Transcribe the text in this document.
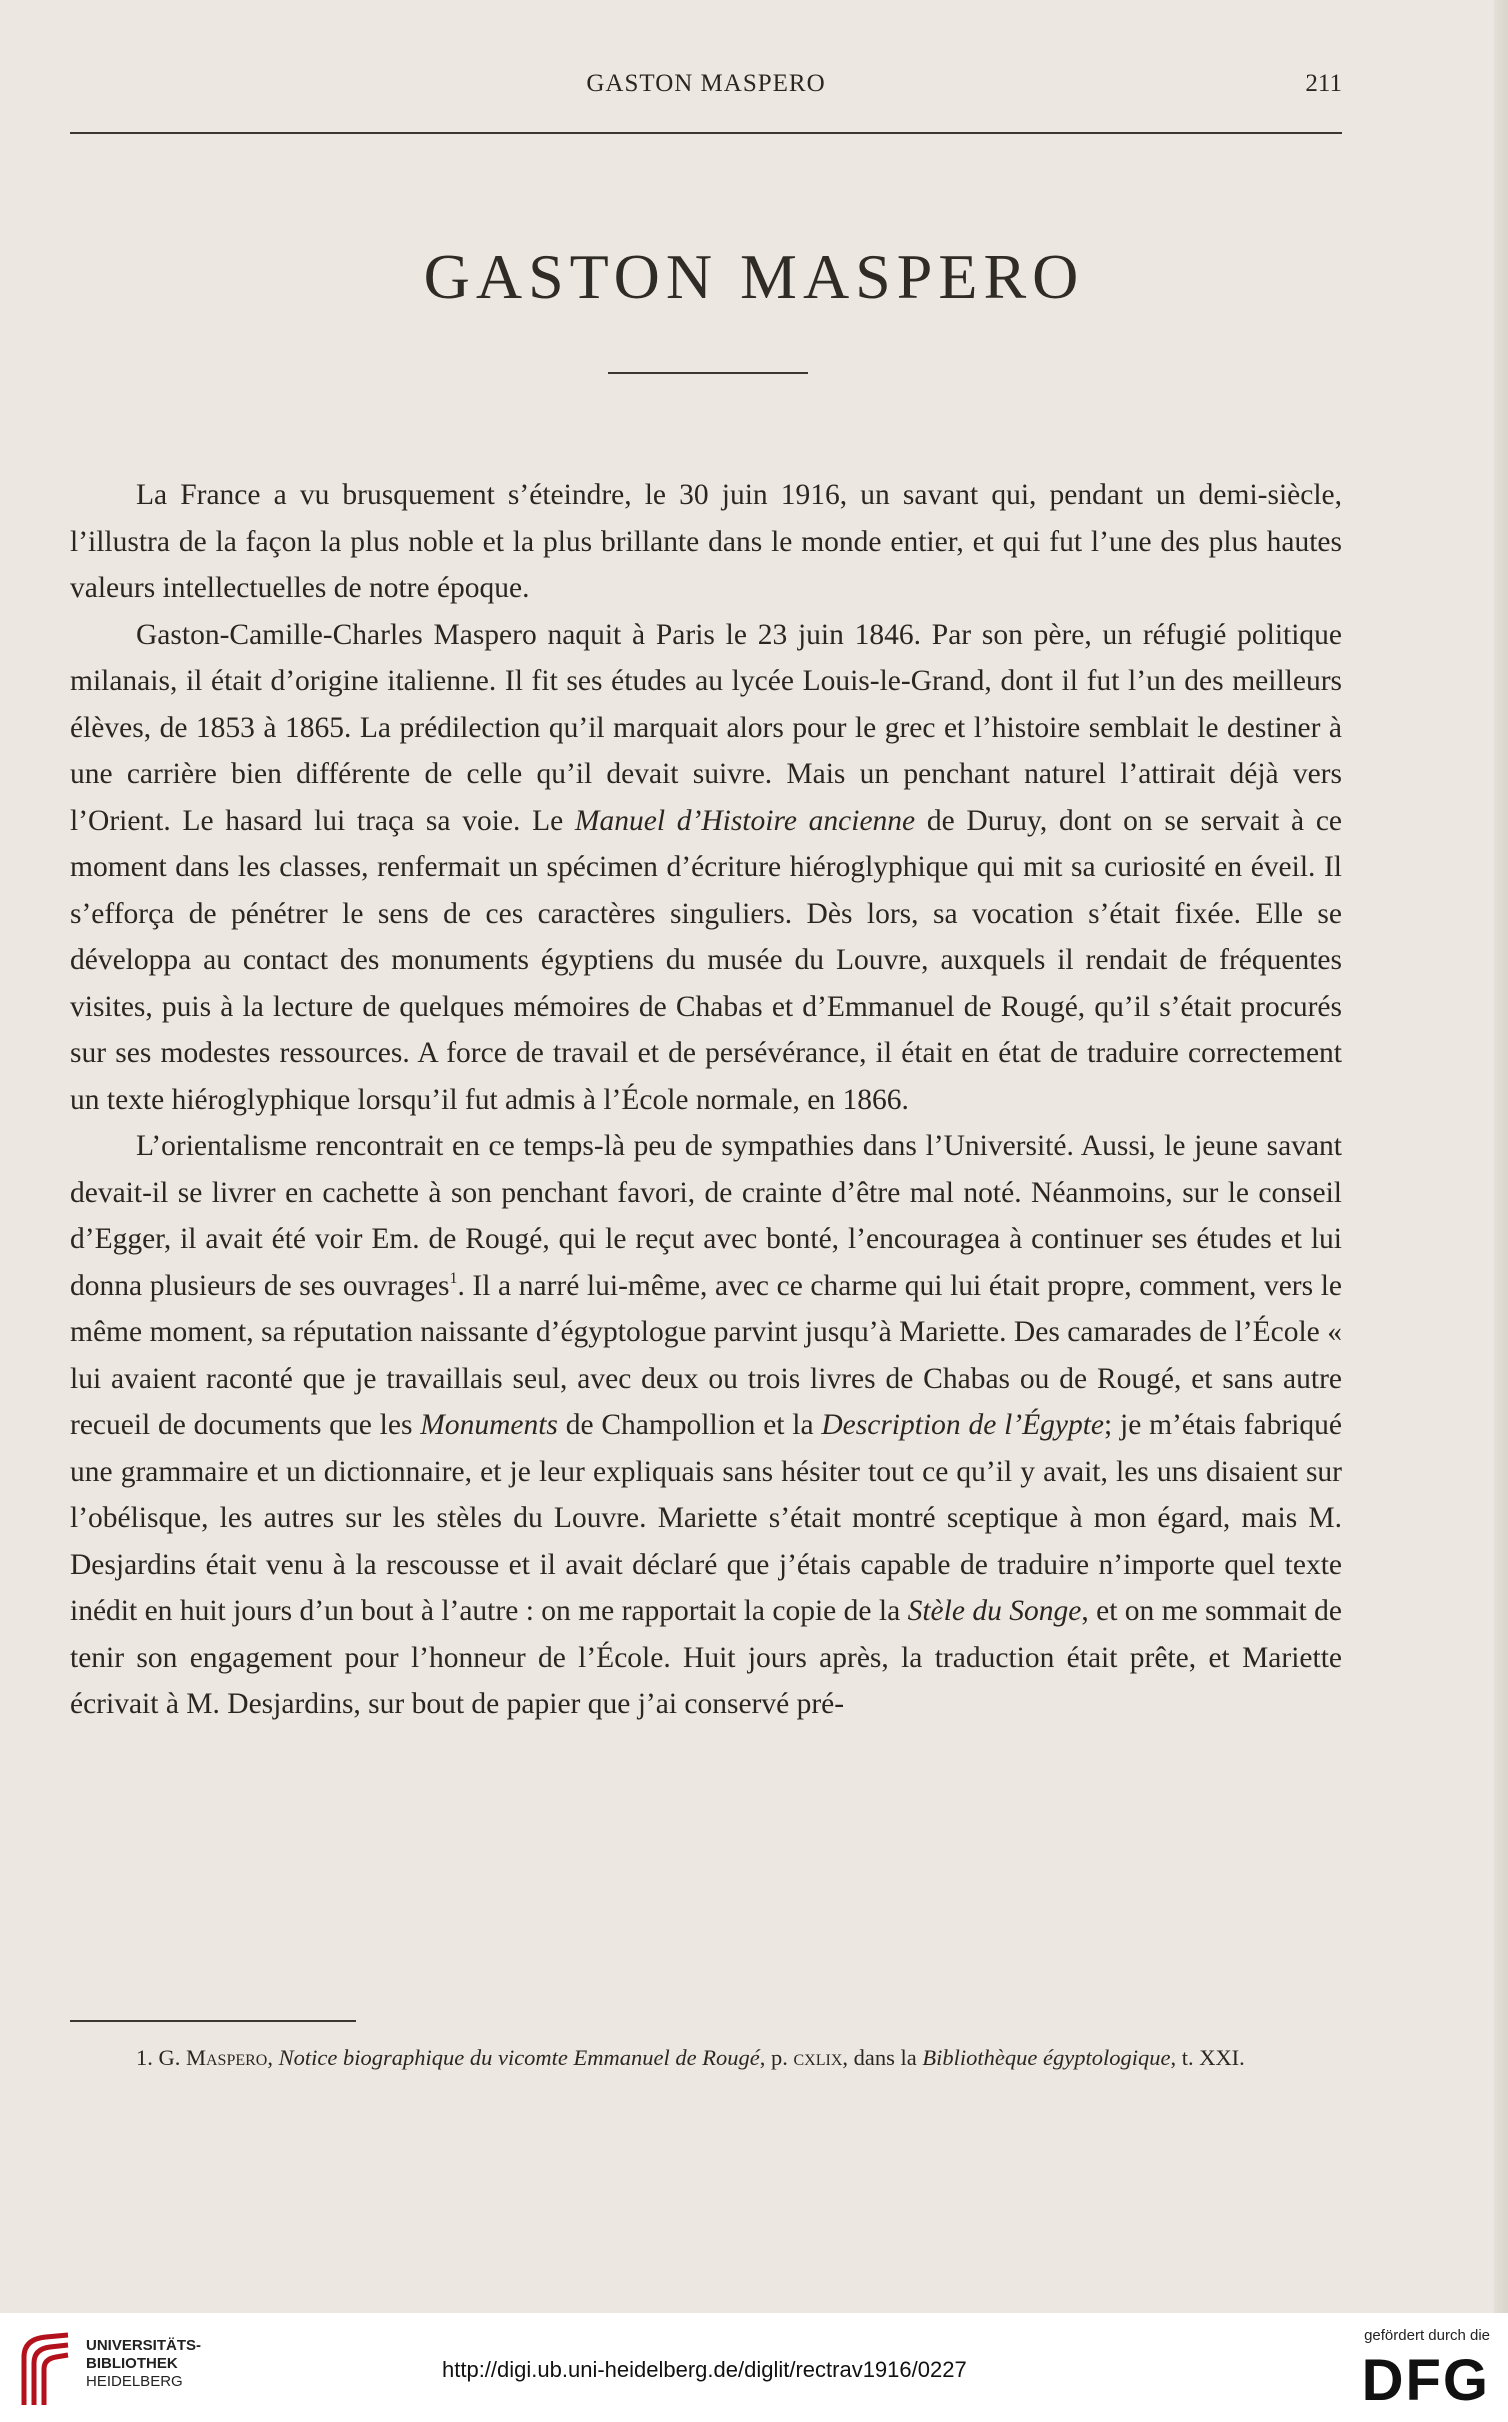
GASTON MASPERO	211
GASTON MASPERO

La France a vu brusquement s’éteindre, le 30 juin 1916, un savant qui, pendant un demi-siècle, l’illustra de la façon la plus noble et la plus brillante dans le monde entier, et qui fut l’une des plus hautes valeurs intellectuelles de notre époque.

Gaston-Camille-Charles Maspero naquit à Paris le 23 juin 1846. Par son père, un réfugié politique milanais, il était d’origine italienne. Il fit ses études au lycée Louis-le-Grand, dont il fut l’un des meilleurs élèves, de 1853 à 1865. La prédilection qu’il marquait alors pour le grec et l’histoire semblait le destiner à une carrière bien différente de celle qu’il devait suivre. Mais un penchant naturel l’attirait déjà vers l’Orient. Le hasard lui traça sa voie. Le Manuel d’Histoire ancienne de Duruy, dont on se servait à ce moment dans les classes, renfermait un spécimen d’écriture hiéroglyphique qui mit sa curiosité en éveil. Il s’efforça de pénétrer le sens de ces caractères singuliers. Dès lors, sa vocation s’était fixée. Elle se développa au contact des monuments égyptiens du musée du Louvre, auxquels il rendait de fréquentes visites, puis à la lecture de quelques mémoires de Chabas et d’Emmanuel de Rougé, qu’il s’était procurés sur ses modestes ressources. A force de travail et de persévérance, il était en état de traduire correctement un texte hiéroglyphique lorsqu’il fut admis à l’École normale, en 1866.

L’orientalisme rencontrait en ce temps-là peu de sympathies dans l’Université. Aussi, le jeune savant devait-il se livrer en cachette à son penchant favori, de crainte d’être mal noté. Néanmoins, sur le conseil d’Egger, il avait été voir Em. de Rougé, qui le reçut avec bonté, l’encouragea à continuer ses études et lui donna plusieurs de ses ouvrages$^1$. Il a narré lui-même, avec ce charme qui lui était propre, comment, vers le même moment, sa réputation naissante d’égyptologue parvint jusqu’à Mariette. Des camarades de l’École « lui avaient raconté que je travaillais seul, avec deux ou trois livres de Chabas ou de Rougé, et sans autre recueil de documents que les Monuments de Champollion et la Description de l’Égypte; je m’étais fabriqué une grammaire et un dictionnaire, et je leur expliquais sans hésiter tout ce qu’il y avait, les uns disaient sur l’obélisque, les autres sur les stèles du Louvre. Mariette s’était montré sceptique à mon égard, mais M. Desjardins était venu à la rescousse et il avait déclaré que j’étais capable de traduire n’importe quel texte inédit en huit jours d’un bout à l’autre : on me rapportait la copie de la Stèle du Songe, et on me sommait de tenir son engagement pour l’honneur de l’École. Huit jours après, la traduction était prête, et Mariette écrivait à M. Desjardins, sur bout de papier que j’ai conservé pré-

1. G. Maspero, Notice biographique du vicomte Emmanuel de Rougé, p. cxlix, dans la Bibliothèque égyptologique, t. XXI.

UNIVERSITÄTS-
BIBLIOTHEK
HEIDELBERG	http://digi.ub.uni-heidelberg.de/diglit/rectrav1916/0227
gefördert durch die
DFG
